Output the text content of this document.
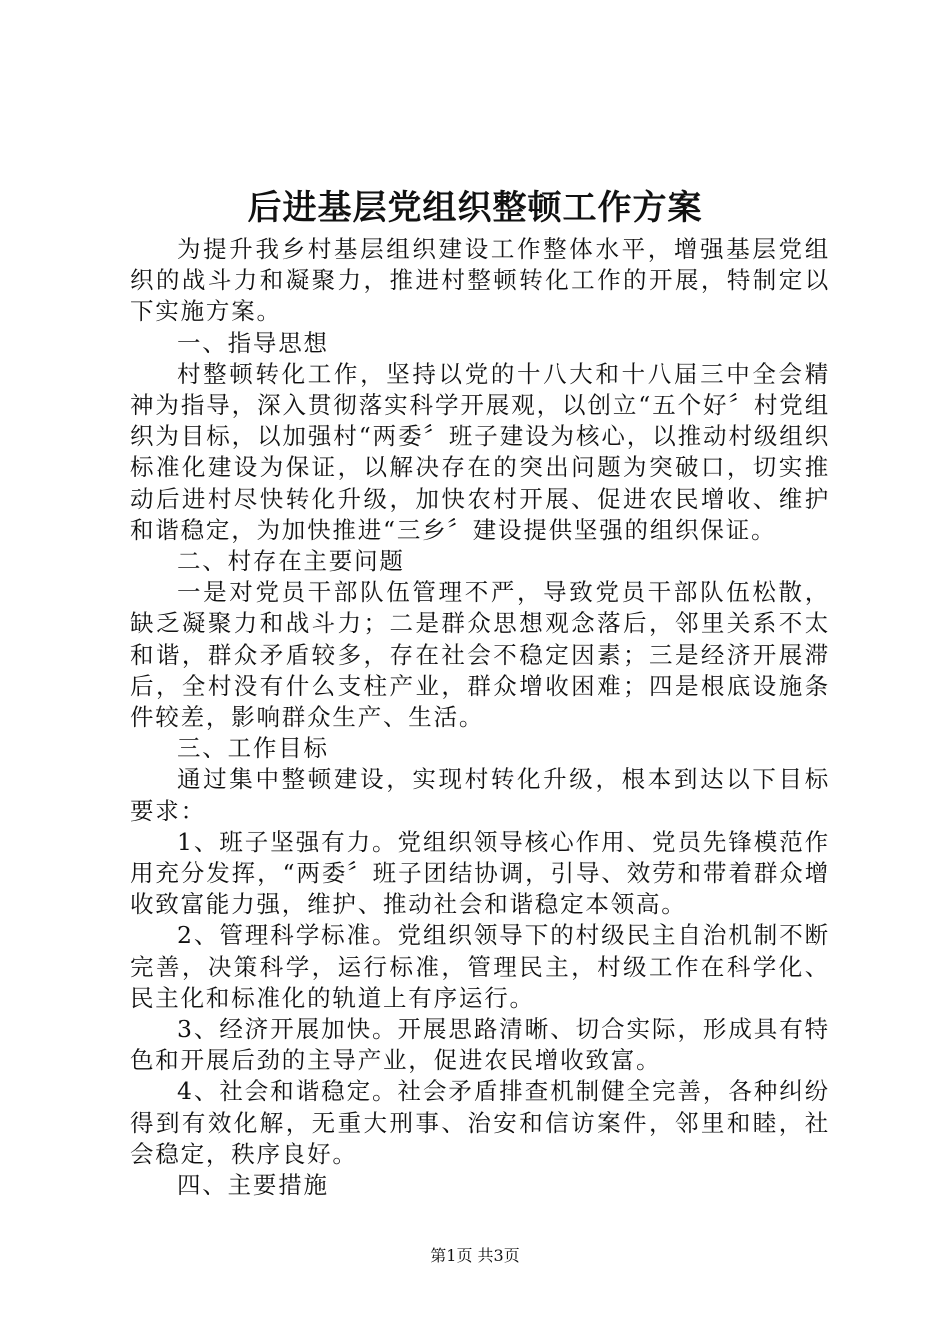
后进基层党组织整顿工作方案

为提升我乡村基层组织建设工作整体水平，增强基层党组织的战斗力和凝聚力，推进村整顿转化工作的开展，特制定以下实施方案。

一、指导思想

村整顿转化工作，坚持以党的十八大和十八届三中全会精神为指导，深入贯彻落实科学开展观，以创立“五个好〞村党组织为目标，以加强村“两委〞班子建设为核心，以推动村级组织标准化建设为保证，以解决存在的突出问题为突破口，切实推动后进村尽快转化升级，加快农村开展、促进农民增收、维护和谐稳定，为加快推进“三乡〞建设提供坚强的组织保证。

二、村存在主要问题

一是对党员干部队伍管理不严，导致党员干部队伍松散，缺乏凝聚力和战斗力；二是群众思想观念落后，邻里关系不太和谐，群众矛盾较多，存在社会不稳定因素；三是经济开展滞后，全村没有什么支柱产业，群众增收困难；四是根底设施条件较差，影响群众生产、生活。

三、工作目标

通过集中整顿建设，实现村转化升级，根本到达以下目标要求：

1、班子坚强有力。党组织领导核心作用、党员先锋模范作用充分发挥，“两委〞班子团结协调，引导、效劳和带着群众增收致富能力强，维护、推动社会和谐稳定本领高。

2、管理科学标准。党组织领导下的村级民主自治机制不断完善，决策科学，运行标准，管理民主，村级工作在科学化、民主化和标准化的轨道上有序运行。

3、经济开展加快。开展思路清晰、切合实际，形成具有特色和开展后劲的主导产业，促进农民增收致富。

4、社会和谐稳定。社会矛盾排查机制健全完善，各种纠纷得到有效化解，无重大刑事、治安和信访案件，邻里和睦，社会稳定，秩序良好。

四、主要措施

第1页 共3页
